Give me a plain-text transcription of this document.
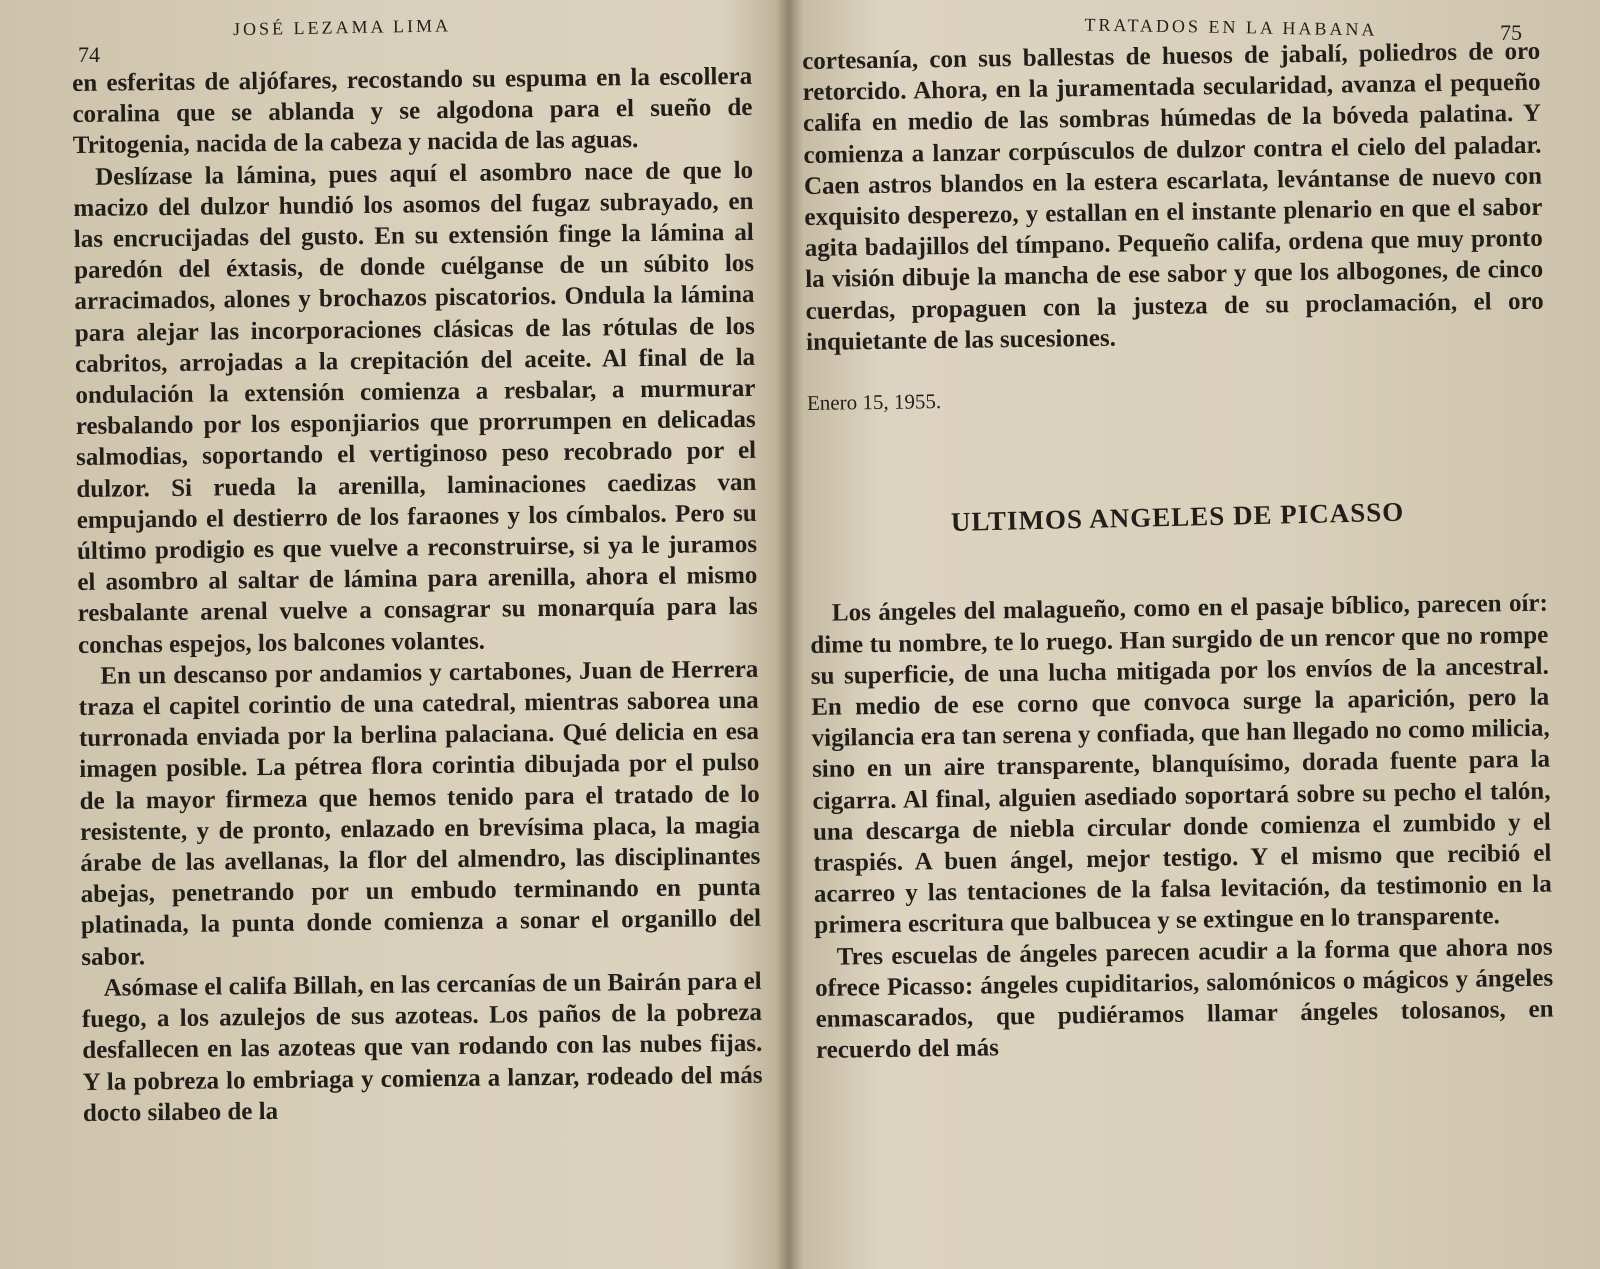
JOSÉ LEZAMA LIMA
74

en esferitas de aljófares, recostando su espuma en la escollera coralina que se ablanda y se algodona para el sueño de Tritogenia, nacida de la cabeza y nacida de las aguas.

Deslízase la lámina, pues aquí el asombro nace de que lo macizo del dulzor hundió los asomos del fugaz subrayado, en las encrucijadas del gusto. En su extensión finge la lámina al paredón del éxtasis, de donde cuélganse de un súbito los arracimados, alones y brochazos piscatorios. Ondula la lámina para alejar las incorporaciones clásicas de las rótulas de los cabritos, arrojadas a la crepitación del aceite. Al final de la ondulación la extensión comienza a resbalar, a murmurar resbalando por los esponjiarios que prorrumpen en delicadas salmodias, soportando el vertiginoso peso recobrado por el dulzor. Si rueda la arenilla, laminaciones caedizas van empujando el destierro de los faraones y los címbalos. Pero su último prodigio es que vuelve a reconstruirse, si ya le juramos el asombro al saltar de lámina para arenilla, ahora el mismo resbalante arenal vuelve a consagrar su monarquía para las conchas espejos, los balcones volantes.

En un descanso por andamios y cartabones, Juan de Herrera traza el capitel corintio de una catedral, mientras saborea una turronada enviada por la berlina palaciana. Qué delicia en esa imagen posible. La pétrea flora corintia dibujada por el pulso de la mayor firmeza que hemos tenido para el tratado de lo resistente, y de pronto, enlazado en brevísima placa, la magia árabe de las avellanas, la flor del almendro, las disciplinantes abejas, penetrando por un embudo terminando en punta platinada, la punta donde comienza a sonar el organillo del sabor.

Asómase el califa Billah, en las cercanías de un Bairán para el fuego, a los azulejos de sus azoteas. Los paños de la pobreza desfallecen en las azoteas que van rodando con las nubes fijas. Y la pobreza lo embriaga y comienza a lanzar, rodeado del más docto silabeo de la

TRATADOS EN LA HABANA	75

cortesanía, con sus ballestas de huesos de jabalí, poliedros de oro retorcido. Ahora, en la juramentada secularidad, avanza el pequeño califa en medio de las sombras húmedas de la bóveda palatina. Y comienza a lanzar corpúsculos de dulzor contra el cielo del paladar. Caen astros blandos en la estera escarlata, levántanse de nuevo con exquisito desperezo, y estallan en el instante plenario en que el sabor agita badajillos del tímpano. Pequeño califa, ordena que muy pronto la visión dibuje la mancha de ese sabor y que los albogones, de cinco cuerdas, propaguen con la justeza de su proclamación, el oro inquietante de las sucesiones.

Enero 15, 1955.

ULTIMOS ANGELES DE PICASSO

Los ángeles del malagueño, como en el pasaje bíblico, parecen oír: dime tu nombre, te lo ruego. Han surgido de un rencor que no rompe su superficie, de una lucha mitigada por los envíos de la ancestral. En medio de ese corno que convoca surge la aparición, pero la vigilancia era tan serena y confiada, que han llegado no como milicia, sino en un aire transparente, blanquísimo, dorada fuente para la cigarra. Al final, alguien asediado soportará sobre su pecho el talón, una descarga de niebla circular donde comienza el zumbido y el traspiés. A buen ángel, mejor testigo. Y el mismo que recibió el acarreo y las tentaciones de la falsa levitación, da testimonio en la primera escritura que balbucea y se extingue en lo transparente.

Tres escuelas de ángeles parecen acudir a la forma que ahora nos ofrece Picasso: ángeles cupiditarios, salomónicos o mágicos y ángeles enmascarados, que pudiéramos llamar ángeles tolosanos, en recuerdo del más
